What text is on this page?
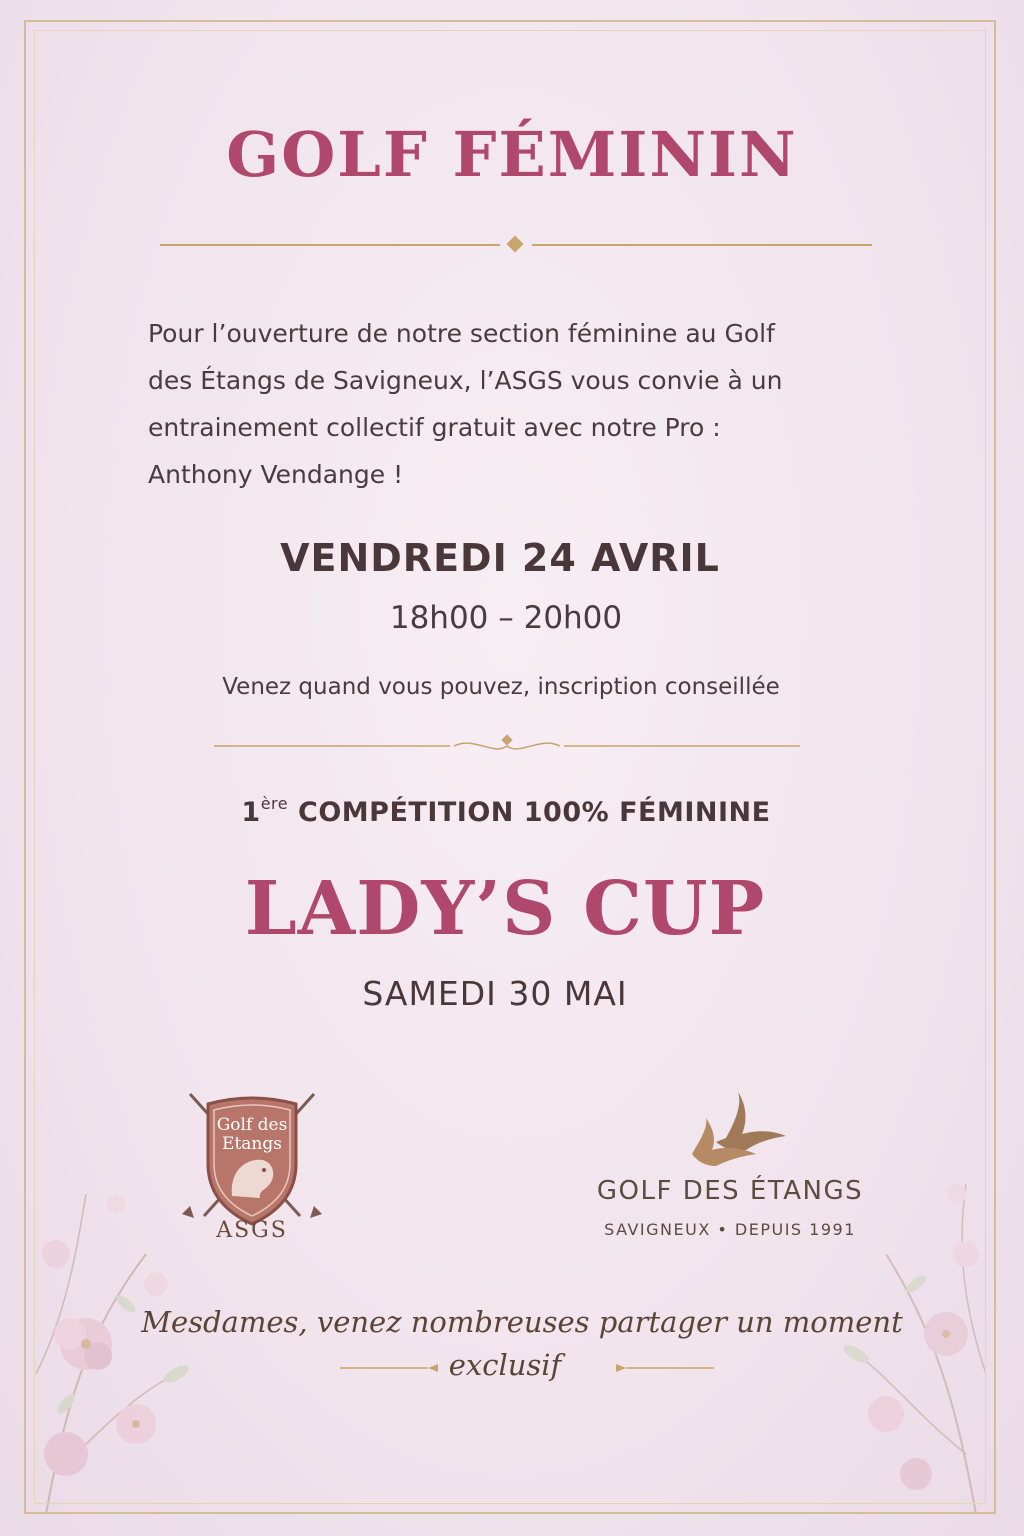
GOLF FÉMININ
Pour l’ouverture de notre section féminine au Golf
des Étangs de Savigneux, l’ASGS vous convie à un
entrainement collectif gratuit avec notre Pro :
Anthony Vendange !
VENDREDI 24 AVRIL
18h00 – 20h00
Venez quand vous pouvez, inscription conseillée
1ère COMPÉTITION 100% FÉMININE
LADY’S CUP
SAMEDI 30 MAI
Golf des
Etangs
ASGS
GOLF DES ÉTANGS
SAVIGNEUX • DEPUIS 1991
Mesdames, venez nombreuses partager un moment
exclusif
